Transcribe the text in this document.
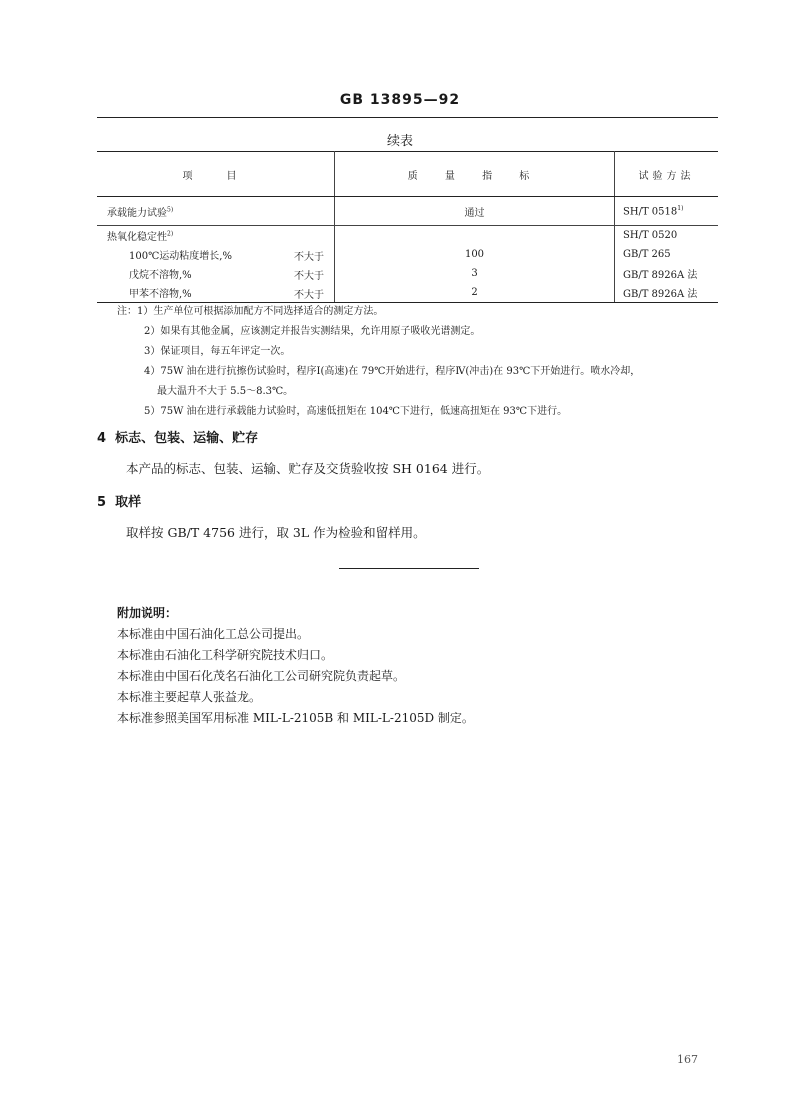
GB 13895—92
续表
项　目	质 量 指 标	试验方法
承载能力试验$^{5)}$	通过	SH/T 0518$^{1)}$
热氧化稳定性$^{2)}$		SH/T 0520
100℃运动粘度增长,% 不大于	100	GB/T 265
戊烷不溶物,% 不大于	3	GB/T 8926A 法
甲苯不溶物,% 不大于	2	GB/T 8926A 法

注：1）生产单位可根据添加配方不同选择适合的测定方法。

2）如果有其他金属，应该测定并报告实测结果，允许用原子吸收光谱测定。

3）保证项目，每五年评定一次。

4）75W 油在进行抗擦伤试验时，程序Ⅰ(高速)在 79℃开始进行，程序Ⅳ(冲击)在 93℃下开始进行。喷水冷却，

最大温升不大于 5.5～8.3℃。

5）75W 油在进行承载能力试验时，高速低扭矩在 104℃下进行，低速高扭矩在 93℃下进行。

4 标志、包装、运输、贮存
本产品的标志、包装、运输、贮存及交货验收按 SH 0164 进行。
5 取样
取样按 GB/T 4756 进行，取 3L 作为检验和留样用。

附加说明：

本标准由中国石油化工总公司提出。

本标准由石油化工科学研究院技术归口。

本标准由中国石化茂名石油化工公司研究院负责起草。

本标准主要起草人张益龙。

本标准参照美国军用标准 MIL-L-2105B 和 MIL-L-2105D 制定。

167
